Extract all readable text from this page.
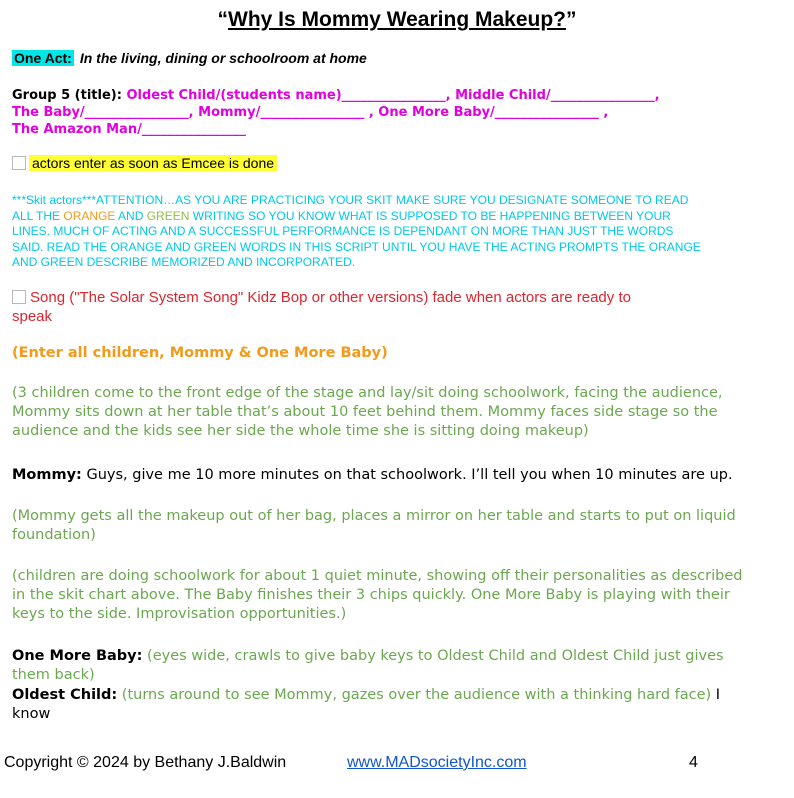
“Why Is Mommy Wearing Makeup?”
One Act: In the living, dining or schoolroom at home
Group 5 (title): Oldest Child/(students name)________________, Middle Child/________________,
The Baby/________________, Mommy/________________ , One More Baby/________________ ,
The Amazon Man/________________
actors enter as soon as Emcee is done
***Skit actors***ATTENTION…AS YOU ARE PRACTICING YOUR SKIT MAKE SURE YOU DESIGNATE SOMEONE TO READ ALL THE ORANGE AND GREEN WRITING SO YOU KNOW WHAT IS SUPPOSED TO BE HAPPENING BETWEEN YOUR LINES. MUCH OF ACTING AND A SUCCESSFUL PERFORMANCE IS DEPENDANT ON MORE THAN JUST THE WORDS SAID. READ THE ORANGE AND GREEN WORDS IN THIS SCRIPT UNTIL YOU HAVE THE ACTING PROMPTS THE ORANGE AND GREEN DESCRIBE MEMORIZED AND INCORPORATED.
Song ("The Solar System Song" Kidz Bop or other versions) fade when actors are ready to speak
(Enter all children, Mommy & One More Baby)
(3 children come to the front edge of the stage and lay/sit doing schoolwork, facing the audience, Mommy sits down at her table that’s about 10 feet behind them. Mommy faces side stage so the audience and the kids see her side the whole time she is sitting doing makeup)
Mommy: Guys, give me 10 more minutes on that schoolwork. I’ll tell you when 10 minutes are up.
(Mommy gets all the makeup out of her bag, places a mirror on her table and starts to put on liquid foundation)
(children are doing schoolwork for about 1 quiet minute, showing off their personalities as described in the skit chart above. The Baby finishes their 3 chips quickly. One More Baby is playing with their keys to the side. Improvisation opportunities.)
One More Baby: (eyes wide, crawls to give baby keys to Oldest Child and Oldest Child just gives them back)
Oldest Child: (turns around to see Mommy, gazes over the audience with a thinking hard face) I know
Copyright © 2024 by Bethany J.Baldwin	www.MADsocietyInc.com	4
